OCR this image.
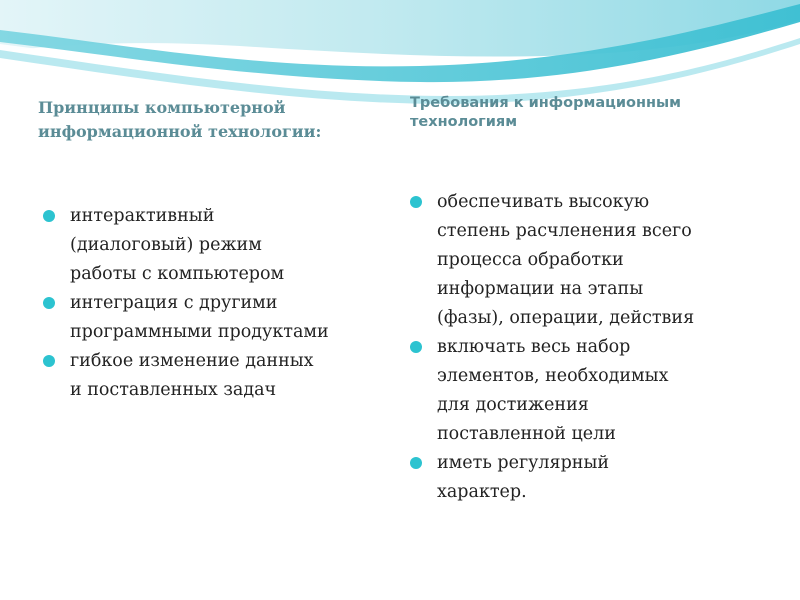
Принципы компьютерной
информационной технологии:
Требования к информационным
технологиям
интерактивный
(диалоговый) режим
работы с компьютером
интеграция с другими
программными продуктами
гибкое изменение данных
и поставленных задач
обеспечивать высокую
степень расчленения всего
процесса обработки
информации на этапы
(фазы), операции, действия
включать весь набор
элементов, необходимых
для достижения
поставленной цели
иметь регулярный
характер.
